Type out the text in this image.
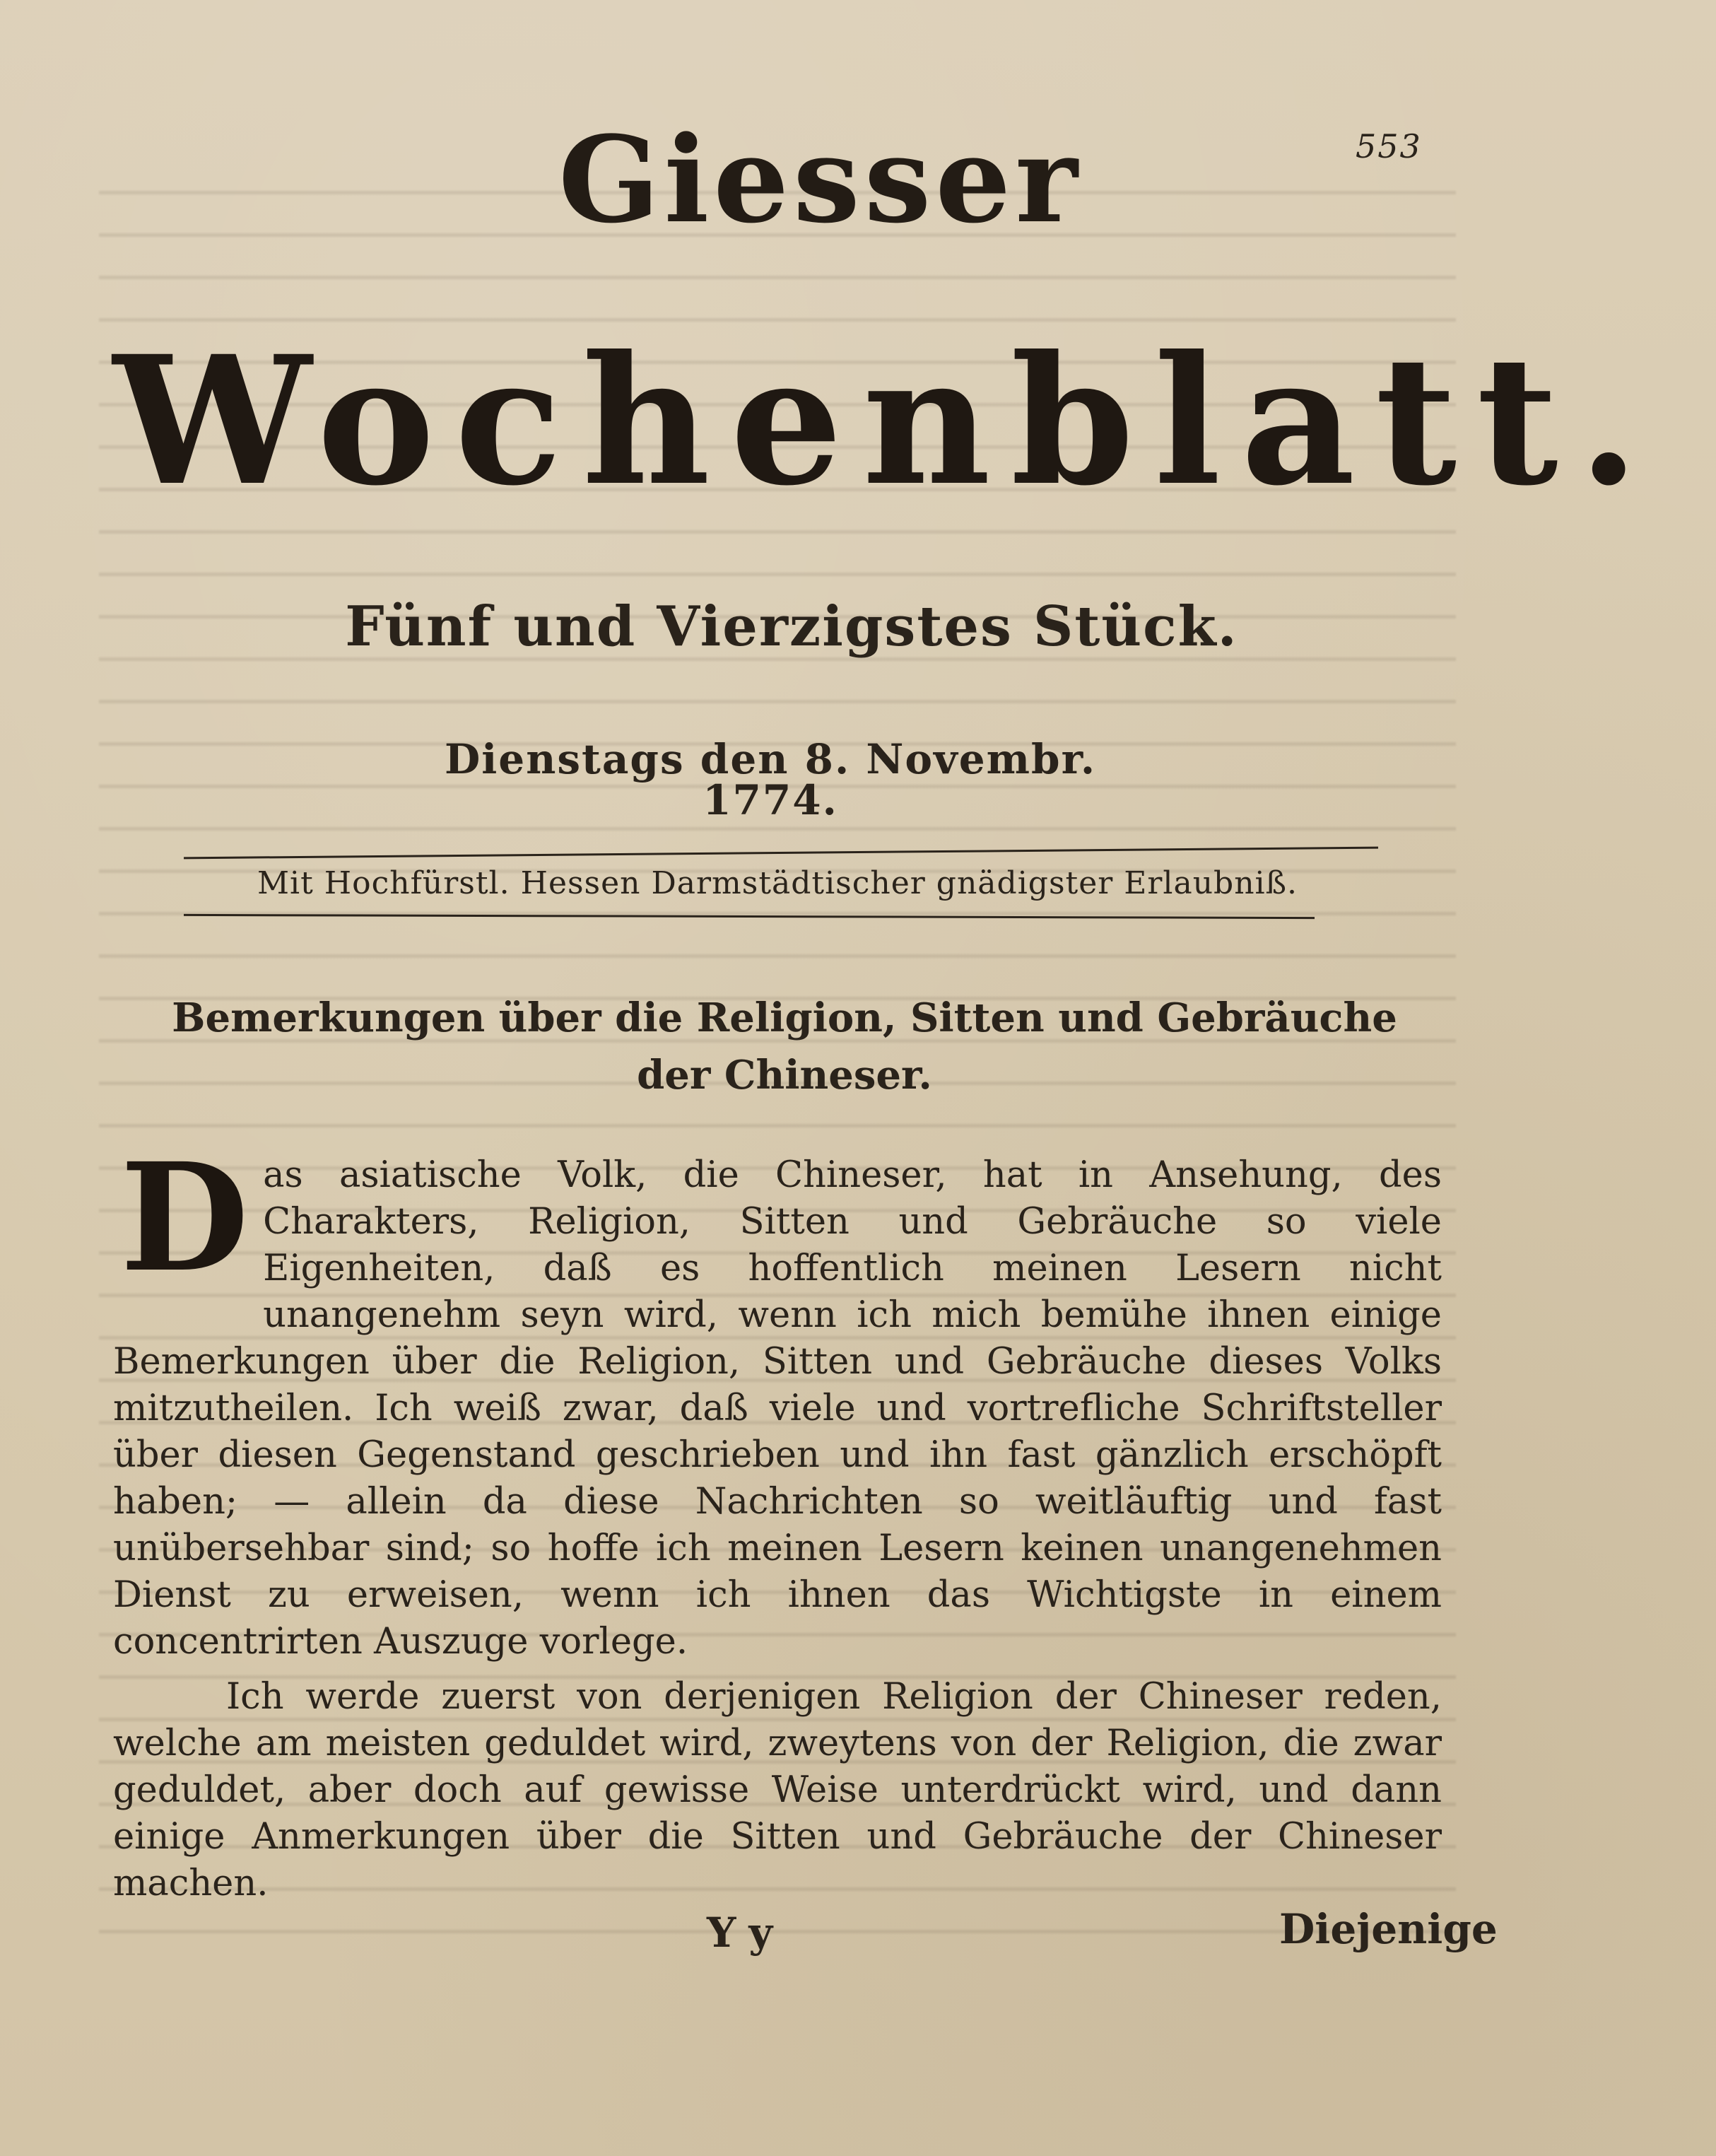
553
Giesser
Wochenblatt.
Fünf und Vierzigstes Stück.
Dienstags den 8. Novembr. 1774.
Mit Hochfürstl. Hessen Darmstädtischer gnädigster Erlaubniß.
Bemerkungen über die Religion, Sitten und Gebräuche
der Chineser.
D as asiatische Volk, die Chineser, hat in Ansehung, des Charakters, Religion, Sitten und Gebräuche so viele Eigenheiten, daß es hoffentlich meinen Lesern nicht unangenehm seyn wird, wenn ich mich bemühe ihnen einige Bemerkungen über die Religion, Sitten und Gebräuche dieses Volks mitzutheilen. Ich weiß zwar, daß viele und vortrefliche Schriftsteller über diesen Gegenstand geschrieben und ihn fast gänzlich erschöpft haben; — allein da diese Nachrichten so weitläuftig und fast unübersehbar sind; so hoffe ich meinen Lesern keinen unangenehmen Dienst zu erweisen, wenn ich ihnen das Wichtigste in einem concentrirten Auszuge vorlege.
Ich werde zuerst von derjenigen Religion der Chineser reden, welche am meisten geduldet wird, zweytens von der Religion, die zwar geduldet, aber doch auf gewisse Weise unterdrückt wird, und dann einige Anmerkungen über die Sitten und Gebräuche der Chineser machen.
Yy	Diejenige
